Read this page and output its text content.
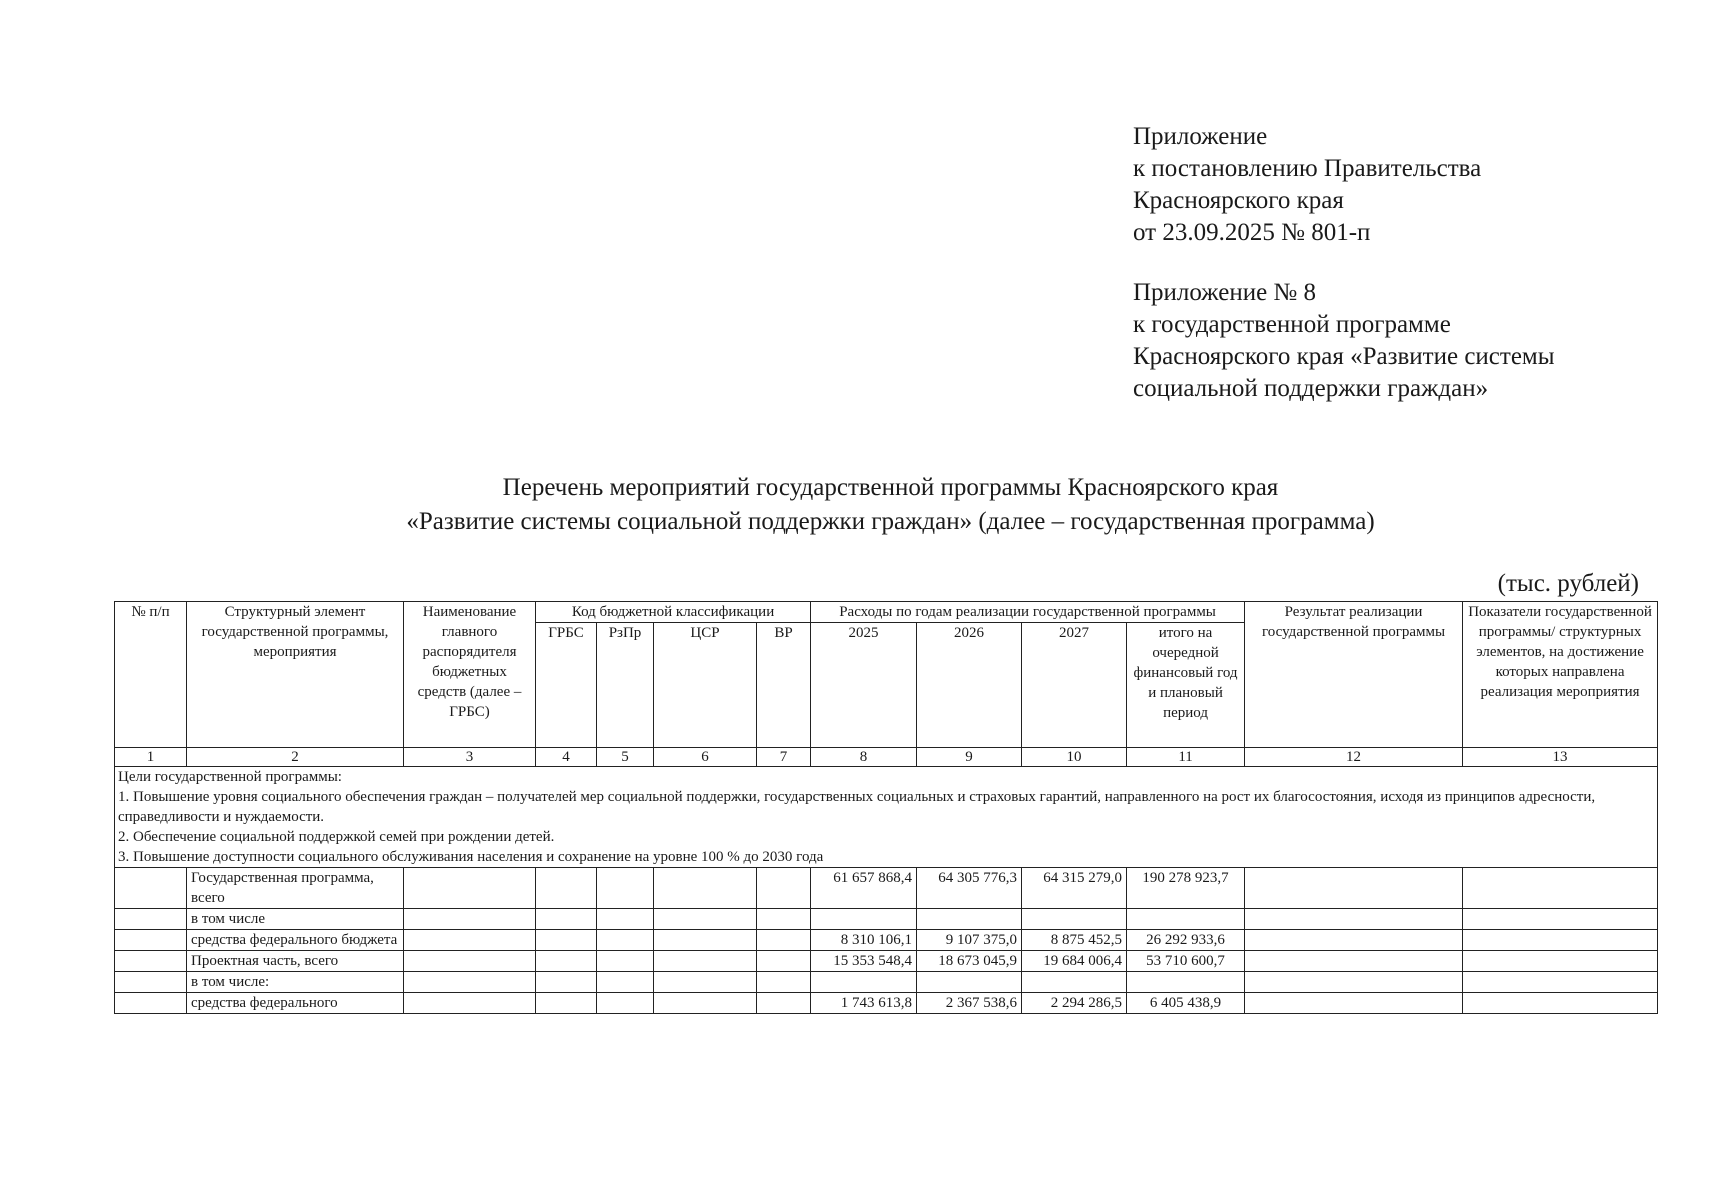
Приложение
к постановлению Правительства
Красноярского края
от 23.09.2025 № 801-п
Приложение № 8
к государственной программе
Красноярского края «Развитие системы
социальной поддержки граждан»
Перечень мероприятий государственной программы Красноярского края
«Развитие системы социальной поддержки граждан» (далее – государственная программа)
(тыс. рублей)
№ п/п	Структурный элемент государственной программы, мероприятия	Наименование главного распорядителя бюджетных средств (далее – ГРБС)	Код бюджетной классификации				Расходы по годам реализации государственной программы				Результат реализации государственной программы	Показатели государственной программы/ структурных элементов, на достижение которых направлена реализация мероприятия
			ГРБС	РзПр	ЦСР	ВР	2025	2026	2027	итого на очередной финансовый год и плановый период		
1	2	3	4	5	6	7	8	9	10	11	12	13

Цели государственной программы:
1. Повышение уровня социального обеспечения граждан – получателей мер социальной поддержки, государственных социальных и страховых гарантий, направленного на рост их благосостояния, исходя из принципов адресности, справедливости и нуждаемости.
2. Обеспечение социальной поддержкой семей при рождении детей.
3. Повышение доступности социального обслуживания населения и сохранение на уровне 100 % до 2030 года												

	Государственная программа, всего						61 657 868,4	64 305 776,3	64 315 279,0	190 278 923,7		
	в том числе											
	средства федерального бюджета						8 310 106,1	9 107 375,0	8 875 452,5	26 292 933,6		
	Проектная часть, всего						15 353 548,4	18 673 045,9	19 684 006,4	53 710 600,7		
	в том числе:											
	средства федерального						1 743 613,8	2 367 538,6	2 294 286,5	6 405 438,9		
